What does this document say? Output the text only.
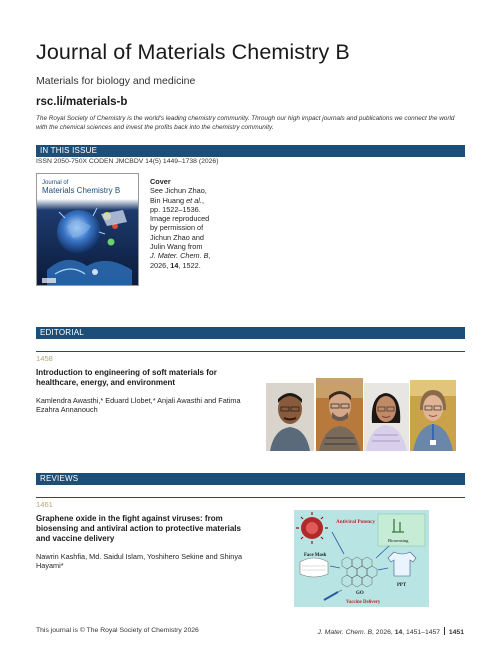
Journal of Materials Chemistry B
Materials for biology and medicine
rsc.li/materials-b
The Royal Society of Chemistry is the world's leading chemistry community. Through our high impact journals and publications we connect the world with the chemical sciences and invest the profits back into the chemistry community.
IN THIS ISSUE
ISSN 2050-750X CODEN JMCBDV 14(5) 1449–1738 (2026)
Journal of
Materials Chemistry B
Cover
See Jichun Zhao,
Bin Huang et al.,
pp. 1522–1536.
Image reproduced
by permission of
Jichun Zhao and
Julin Wang from
J. Mater. Chem. B,
2026, 14, 1522.
EDITORIAL
1458
Introduction to engineering of soft materials for healthcare, energy, and environment
Kamlendra Awasthi,* Eduard Llobet,* Anjali Awasthi and Fatima Ezahra Annanouch
REVIEWS
1461
Graphene oxide in the fight against viruses: from biosensing and antiviral action to protective materials and vaccine delivery
Nawrin Kashfia, Md. Saidul Islam, Yoshihero Sekine and Shinya Hayami*
Antiviral Potency
Biosensing
Face Mask
GO
PPT
Vaccine Delivery
This journal is © The Royal Society of Chemistry 2026	J. Mater. Chem. B, 2026, 14, 1451–1457 1451
